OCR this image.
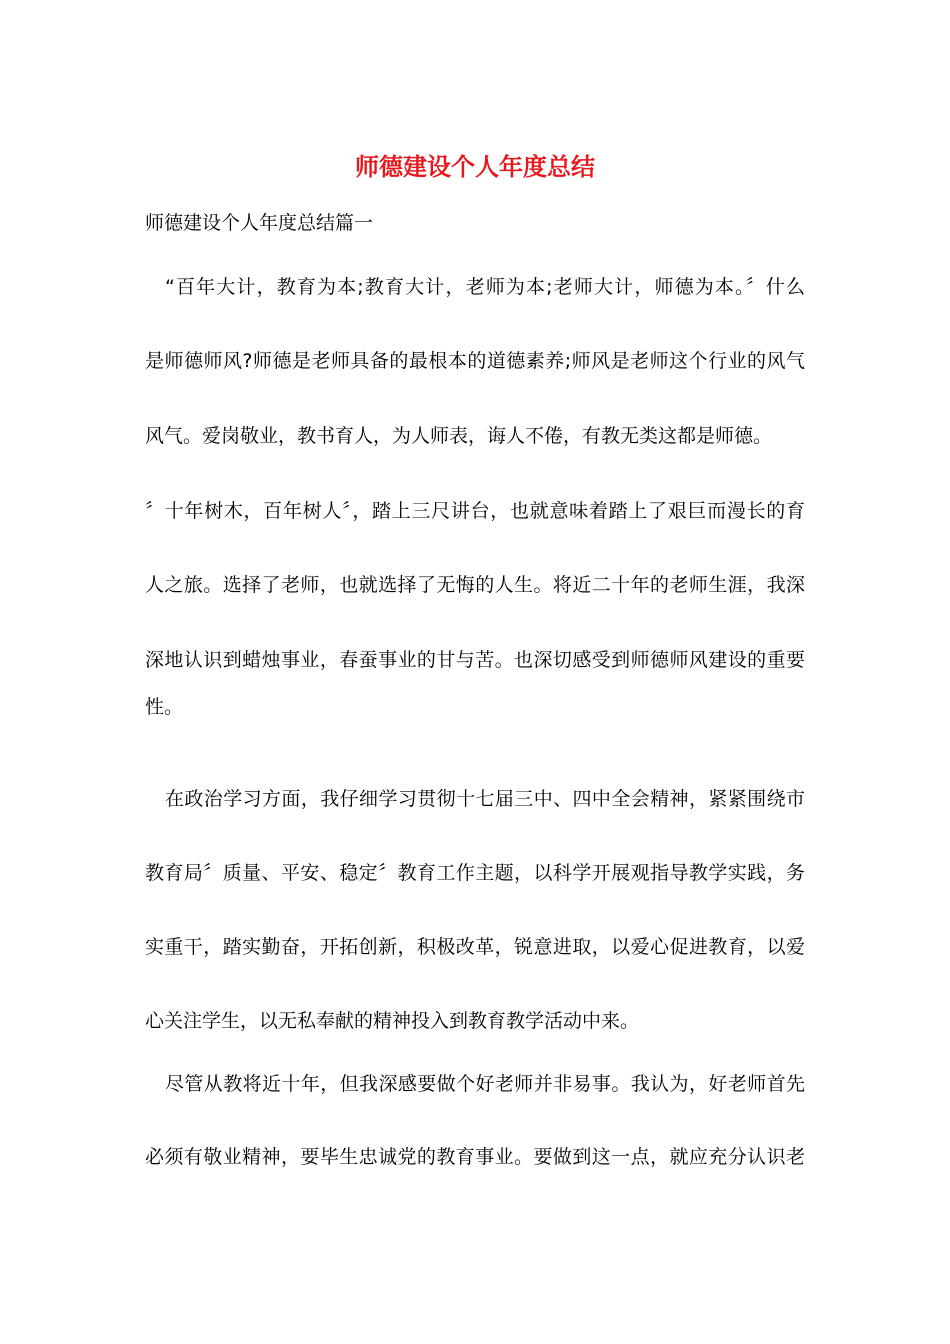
师德建设个人年度总结
师德建设个人年度总结篇一
“百年大计，教育为本;教育大计，老师为本;老师大计，师德为本。〞什么
是师德师风?师德是老师具备的最根本的道德素养;师风是老师这个行业的风气
风气。爱岗敬业，教书育人，为人师表，诲人不倦，有教无类这都是师德。
〞十年树木，百年树人〞，踏上三尺讲台，也就意味着踏上了艰巨而漫长的育
人之旅。选择了老师，也就选择了无悔的人生。将近二十年的老师生涯，我深
深地认识到蜡烛事业，春蚕事业的甘与苦。也深切感受到师德师风建设的重要
性。
在政治学习方面，我仔细学习贯彻十七届三中、四中全会精神，紧紧围绕市
教育局〞质量、平安、稳定〞教育工作主题，以科学开展观指导教学实践，务
实重干，踏实勤奋，开拓创新，积极改革，锐意进取，以爱心促进教育，以爱
心关注学生，以无私奉献的精神投入到教育教学活动中来。
尽管从教将近十年，但我深感要做个好老师并非易事。我认为，好老师首先
必须有敬业精神，要毕生忠诚党的教育事业。要做到这一点，就应充分认识老
